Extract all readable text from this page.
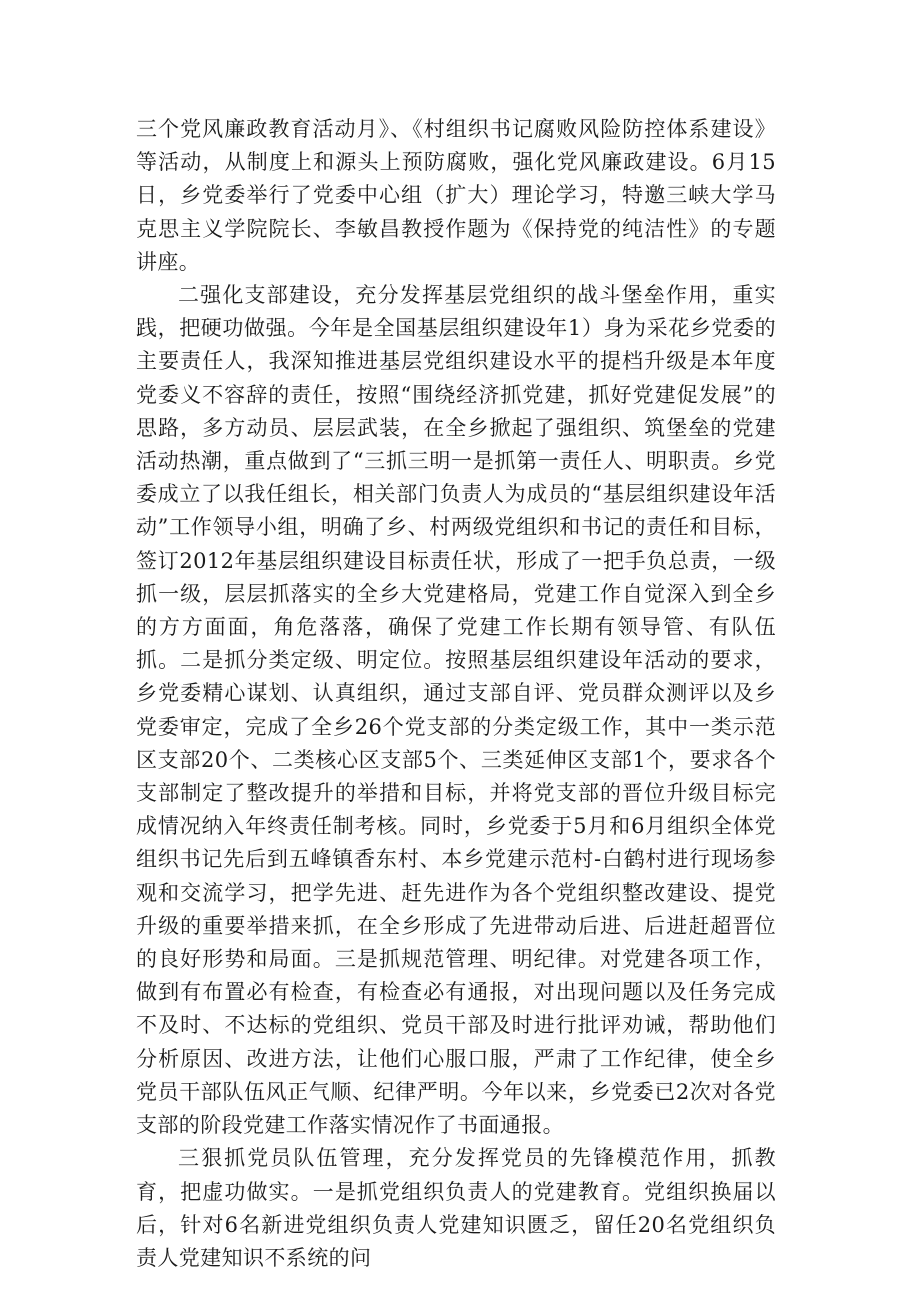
三个党风廉政教育活动月》、《村组织书记腐败风险防控体系建设》等活动，从制度上和源头上预防腐败，强化党风廉政建设。6月15日，乡党委举行了党委中心组（扩大）理论学习，特邀三峡大学马克思主义学院院长、李敏昌教授作题为《保持党的纯洁性》的专题讲座。

二强化支部建设，充分发挥基层党组织的战斗堡垒作用，重实践，把硬功做强。今年是全国基层组织建设年1）身为采花乡党委的主要责任人，我深知推进基层党组织建设水平的提档升级是本年度党委义不容辞的责任，按照“围绕经济抓党建，抓好党建促发展”的思路，多方动员、层层武装，在全乡掀起了强组织、筑堡垒的党建活动热潮，重点做到了“三抓三明一是抓第一责任人、明职责。乡党委成立了以我任组长，相关部门负责人为成员的“基层组织建设年活动”工作领导小组，明确了乡、村两级党组织和书记的责任和目标，签订2012年基层组织建设目标责任状，形成了一把手负总责，一级抓一级，层层抓落实的全乡大党建格局，党建工作自觉深入到全乡的方方面面，角危落落，确保了党建工作长期有领导管、有队伍抓。二是抓分类定级、明定位。按照基层组织建设年活动的要求，乡党委精心谋划、认真组织，通过支部自评、党员群众测评以及乡党委审定，完成了全乡26个党支部的分类定级工作，其中一类示范区支部20个、二类核心区支部5个、三类延伸区支部1个，要求各个支部制定了整改提升的举措和目标，并将党支部的晋位升级目标完成情况纳入年终责任制考核。同时，乡党委于5月和6月组织全体党组织书记先后到五峰镇香东村、本乡党建示范村-白鹤村进行现场参观和交流学习，把学先进、赶先进作为各个党组织整改建设、提党升级的重要举措来抓，在全乡形成了先进带动后进、后进赶超晋位的良好形势和局面。三是抓规范管理、明纪律。对党建各项工作，做到有布置必有检查，有检查必有通报，对出现问题以及任务完成不及时、不达标的党组织、党员干部及时进行批评劝诫，帮助他们分析原因、改进方法，让他们心服口服，严肃了工作纪律，使全乡党员干部队伍风正气顺、纪律严明。今年以来，乡党委已2次对各党支部的阶段党建工作落实情况作了书面通报。

三狠抓党员队伍管理，充分发挥党员的先锋模范作用，抓教育，把虚功做实。一是抓党组织负责人的党建教育。党组织换届以后，针对6名新进党组织负责人党建知识匮乏，留任20名党组织负责人党建知识不系统的问
